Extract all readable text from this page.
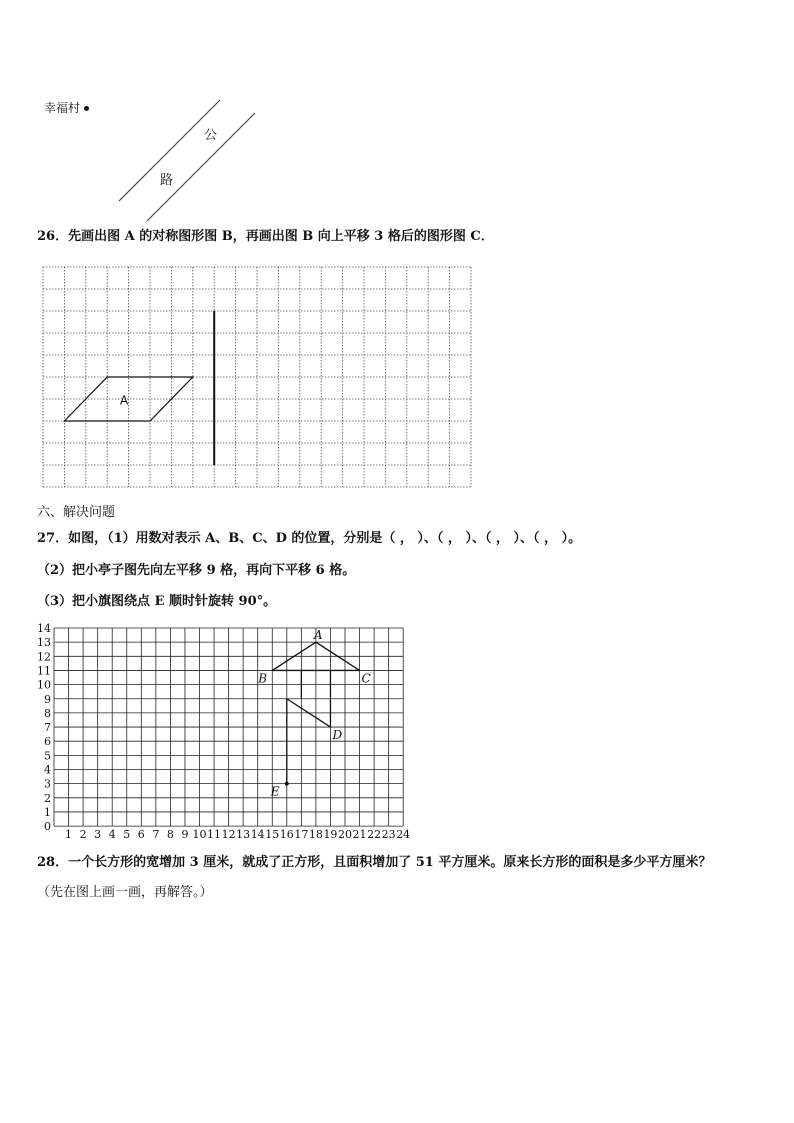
幸福村
公
路
26．先画出图 A 的对称图形图 B，再画出图 B 向上平移 3 格后的图形图 C．
A
六、解决问题
27．如图，（1）用数对表示 A、B、C、D 的位置，分别是（ ， ）、（ ， ）、（ ， ）、（ ， ）。
（2）把小亭子图先向左平移 9 格，再向下平移 6 格。
（3）把小旗图绕点 E 顺时针旋转 90°。
A
B	C
D
E
0
1
2
3
4
5
6
7
8
9
10
11
12
13
14
1 2 3 4 5 6 7 8 9 10 11 12 13 14 15 16 17 18 19 20 21 22 23 24
28．一个长方形的宽增加 3 厘米，就成了正方形，且面积增加了 51 平方厘米。原来长方形的面积是多少平方厘米？
（先在图上画一画，再解答。）
